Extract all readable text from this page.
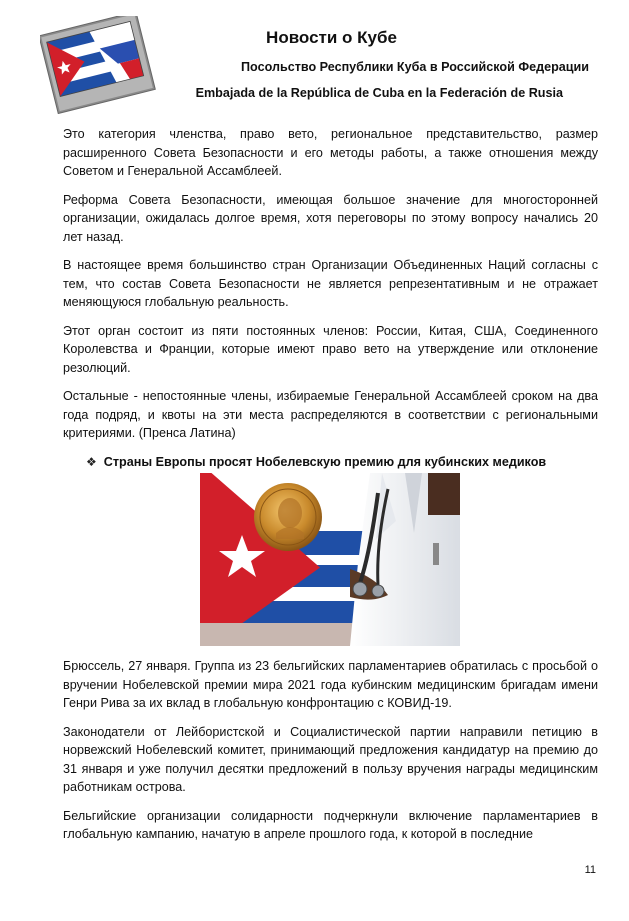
Новости о Кубе
Посольство Республики Куба в Российской Федерации
Embajada de la República de Cuba en la Federación de Rusia

Это категория членства, право вето, региональное представительство, размер расширенного Совета Безопасности и его методы работы, а также отношения между Советом и Генеральной Ассамблеей.

Реформа Совета Безопасности, имеющая большое значение для многосторонней организации, ожидалась долгое время, хотя переговоры по этому вопросу начались 20 лет назад.

В настоящее время большинство стран Организации Объединенных Наций согласны с тем, что состав Совета Безопасности не является репрезентативным и не отражает меняющуюся глобальную реальность.

Этот орган состоит из пяти постоянных членов: России, Китая, США, Соединенного Королевства и Франции, которые имеют право вето на утверждение или отклонение резолюций.

Остальные - непостоянные члены, избираемые Генеральной Ассамблеей сроком на два года подряд, и квоты на эти места распределяются в соответствии с региональными критериями. (Пренса Латина)

❖ Страны Европы просят Нобелевскую премию для кубинских медиков

Брюссель, 27 января. Группа из 23 бельгийских парламентариев обратилась с просьбой о вручении Нобелевской премии мира 2021 года кубинским медицинским бригадам имени Генри Рива за их вклад в глобальную конфронтацию с КОВИД-19.

Законодатели от Лейбористской и Социалистической партии направили петицию в норвежский Нобелевский комитет, принимающий предложения кандидатур на премию до 31 января и уже получил десятки предложений в пользу вручения награды медицинским работникам острова.

Бельгийские организации солидарности подчеркнули включение парламентариев в глобальную кампанию, начатую в апреле прошлого года, к которой в последние

11
